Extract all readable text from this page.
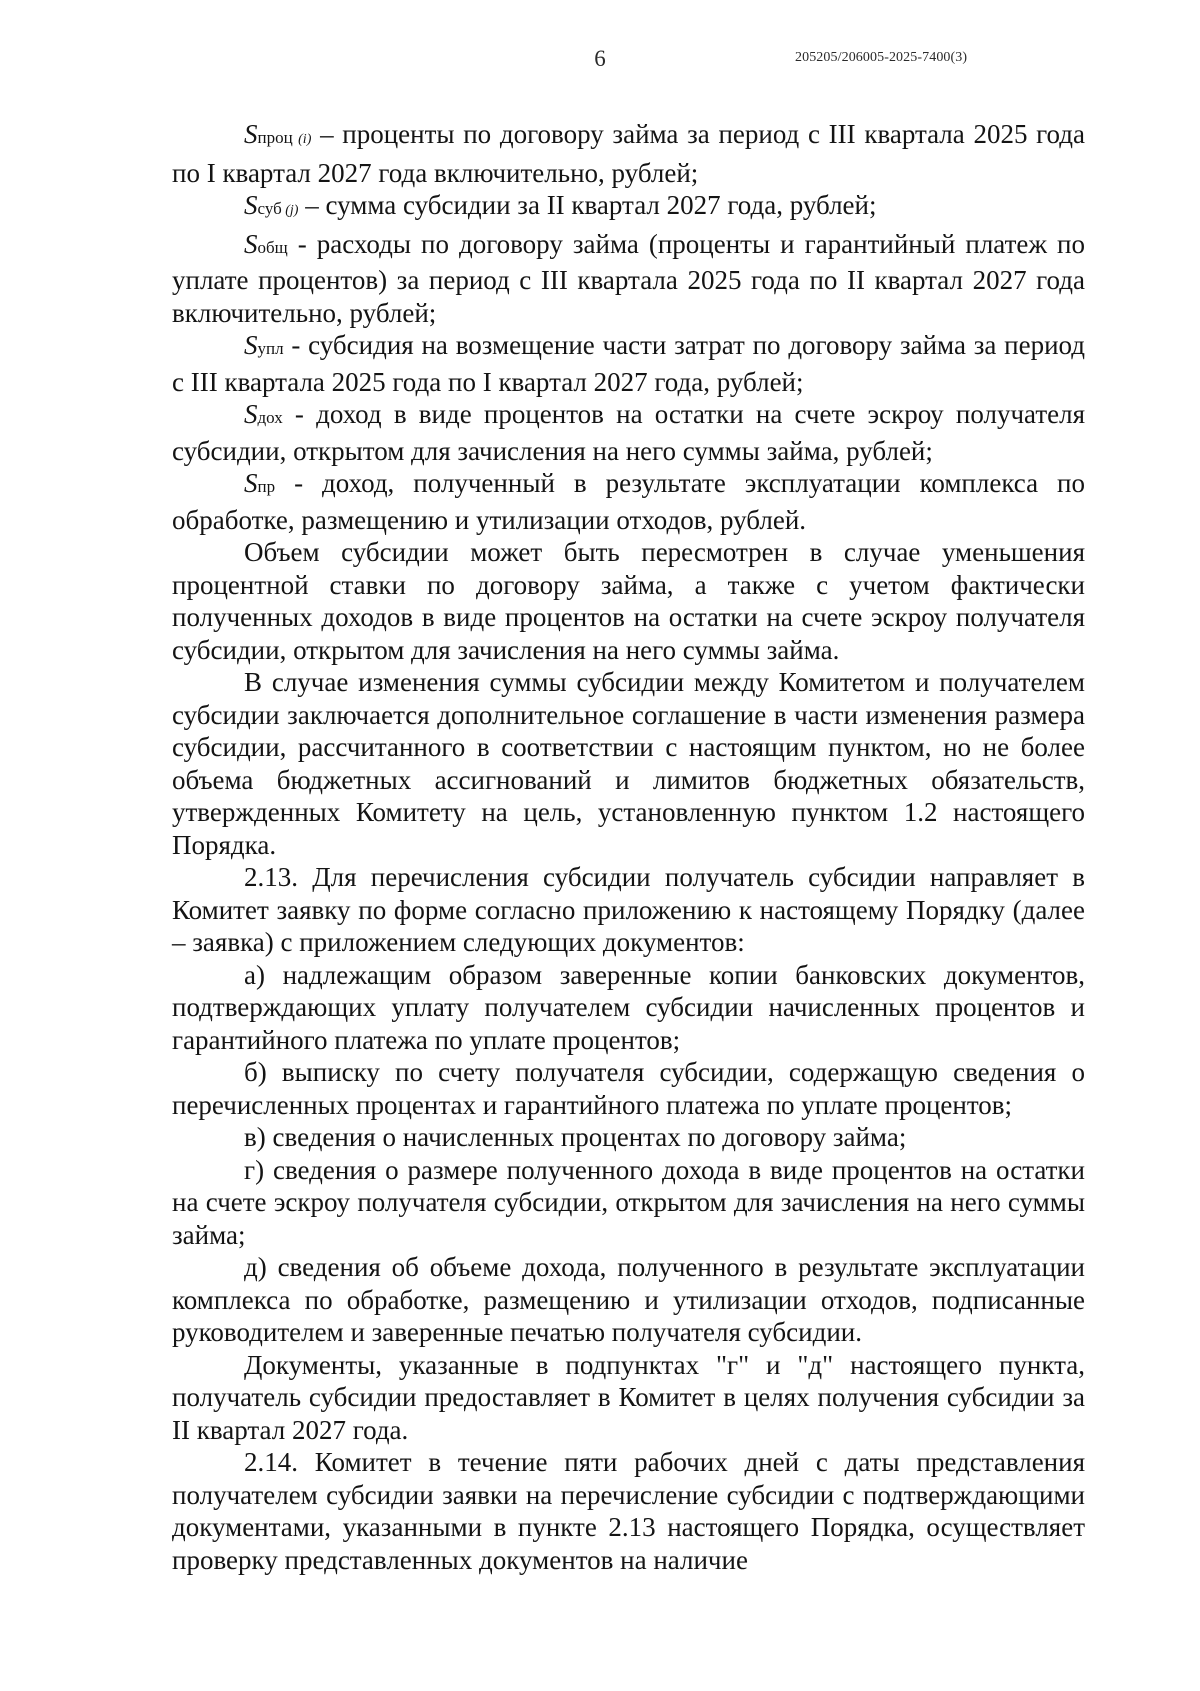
6	205205/206005-2025-7400(3)

Sпроц (i) – проценты по договору займа за период с III квартала 2025 года по I квартал 2027 года включительно, рублей;

Sсуб (j) – сумма субсидии за II квартал 2027 года, рублей;

Sобщ - расходы по договору займа (проценты и гарантийный платеж по уплате процентов) за период с III квартала 2025 года по II квартал 2027 года включительно, рублей;

Sупл - субсидия на возмещение части затрат по договору займа за период с III квартала 2025 года по I квартал 2027 года, рублей;

Sдох - доход в виде процентов на остатки на счете эскроу получателя субсидии, открытом для зачисления на него суммы займа, рублей;

Sпр - доход, полученный в результате эксплуатации комплекса по обработке, размещению и утилизации отходов, рублей.

Объем субсидии может быть пересмотрен в случае уменьшения процентной ставки по договору займа, а также с учетом фактически полученных доходов в виде процентов на остатки на счете эскроу получателя субсидии, открытом для зачисления на него суммы займа.

В случае изменения суммы субсидии между Комитетом и получателем субсидии заключается дополнительное соглашение в части изменения размера субсидии, рассчитанного в соответствии с настоящим пунктом, но не более объема бюджетных ассигнований и лимитов бюджетных обязательств, утвержденных Комитету на цель, установленную пунктом 1.2 настоящего Порядка.

2.13. Для перечисления субсидии получатель субсидии направляет в Комитет заявку по форме согласно приложению к настоящему Порядку (далее – заявка) с приложением следующих документов:

а) надлежащим образом заверенные копии банковских документов, подтверждающих уплату получателем субсидии начисленных процентов и гарантийного платежа по уплате процентов;

б) выписку по счету получателя субсидии, содержащую сведения о перечисленных процентах и гарантийного платежа по уплате процентов;

в) сведения о начисленных процентах по договору займа;

г) сведения о размере полученного дохода в виде процентов на остатки на счете эскроу получателя субсидии, открытом для зачисления на него суммы займа;

д) сведения об объеме дохода, полученного в результате эксплуатации комплекса по обработке, размещению и утилизации отходов, подписанные руководителем и заверенные печатью получателя субсидии.

Документы, указанные в подпунктах "г" и "д" настоящего пункта, получатель субсидии предоставляет в Комитет в целях получения субсидии за II квартал 2027 года.

2.14. Комитет в течение пяти рабочих дней с даты представления получателем субсидии заявки на перечисление субсидии с подтверждающими документами, указанными в пункте 2.13 настоящего Порядка, осуществляет проверку представленных документов на наличие
